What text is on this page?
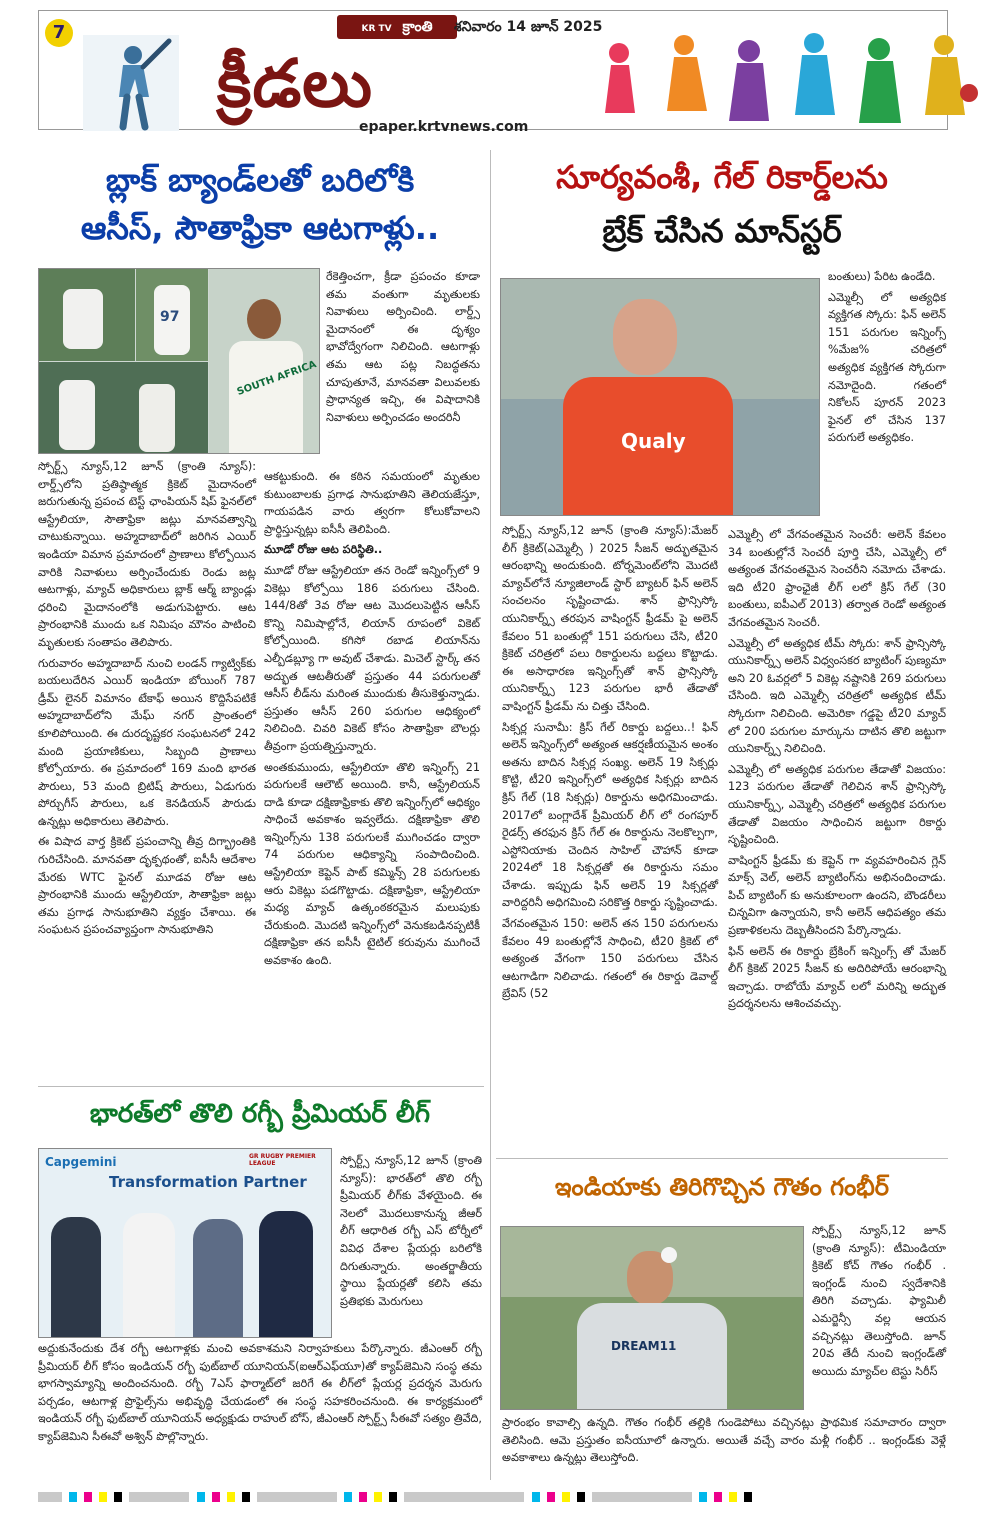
7	KR TV క్రాంతి	శనివారం 14 జూన్ 2025
క్రీడలు
epaper.krtvnews.com
బ్లాక్ బ్యాండ్‌లతో బరిలోకి
ఆసీస్, సౌతాఫ్రికా ఆటగాళ్లు..
97
SOUTH AFRICA
రేకెత్తించగా, క్రీడా ప్రపంచం కూడా తమ వంతుగా మృతులకు నివాళులు అర్పించింది. లార్డ్స్ మైదానంలో ఈ దృశ్యం భావోద్వేగంగా నిలిచింది. ఆటగాళ్లు తమ ఆట పట్ల నిబద్ధతను చూపుతూనే, మానవతా విలువలకు ప్రాధాన్యత ఇచ్చి, ఈ విషాదానికి నివాళులు అర్పించడం అందరినీ

స్పోర్ట్స్ న్యూస్,12 జూన్ (క్రాంతి న్యూస్): లార్డ్స్‌లోని ప్రతిష్ఠాత్మక క్రికెట్ మైదానంలో జరుగుతున్న ప్రపంచ టెస్ట్ ఛాంపియన్ షిప్ ఫైనల్‌లో ఆస్ట్రేలియా, సౌతాఫ్రికా జట్లు మానవత్వాన్ని చాటుకున్నాయి. అహ్మదాబాద్‌లో జరిగిన ఎయిర్ ఇండియా విమాన ప్రమాదంలో ప్రాణాలు కోల్పోయిన వారికి నివాళులు అర్పించేందుకు రెండు జట్ల ఆటగాళ్లు, మ్యాచ్ అధికారులు బ్లాక్ ఆర్మ్ బ్యాండ్లు ధరించి మైదానంలోకి అడుగుపెట్టారు. ఆట ప్రారంభానికి ముందు ఒక నిమిషం మౌనం పాటించి మృతులకు సంతాపం తెలిపారు.

గురువారం అహ్మదాబాద్ నుంచి లండన్ గ్యాట్విక్‌కు బయలుదేరిన ఎయిర్ ఇండియా బోయింగ్ 787 డ్రీమ్ లైనర్ విమానం టేకాఫ్ అయిన కొద్దిసేపటికే అహ్మదాబాద్‌లోని మేఘ్ నగర్ ప్రాంతంలో కూలిపోయింది. ఈ దురదృష్టకర సంఘటనలో 242 మంది ప్రయాణికులు, సిబ్బంది ప్రాణాలు కోల్పోయారు. ఈ ప్రమాదంలో 169 మంది భారత పౌరులు, 53 మంది బ్రిటిష్ పౌరులు, ఏడుగురు పోర్చుగీస్ పౌరులు, ఒక కెనడియన్ పౌరుడు ఉన్నట్లు అధికారులు తెలిపారు.

ఈ విషాద వార్త క్రికెట్ ప్రపంచాన్ని తీవ్ర దిగ్భ్రాంతికి గురిచేసింది. మానవతా దృక్పథంతో, ఐసీసీ ఆదేశాల మేరకు WTC ఫైనల్ మూడవ రోజు ఆట ప్రారంభానికి ముందు ఆస్ట్రేలియా, సౌతాఫ్రికా జట్లు తమ ప్రగాఢ సానుభూతిని వ్యక్తం చేశాయి. ఈ సంఘటన ప్రపంచవ్యాప్తంగా సానుభూతిని

ఆకట్టుకుంది. ఈ కఠిన సమయంలో మృతుల కుటుంబాలకు ప్రగాఢ సానుభూతిని తెలియజేస్తూ, గాయపడిన వారు త్వరగా కోలుకోవాలని ప్రార్థిస్తున్నట్లు ఐసీసీ తెలిపింది.

మూడో రోజు ఆట పరిస్థితి..

మూడో రోజు ఆస్ట్రేలియా తన రెండో ఇన్నింగ్స్‌లో 9 వికెట్లు కోల్పోయి 186 పరుగులు చేసింది. 144/8తో 3వ రోజు ఆట మొదలుపెట్టిన ఆసీస్ కొన్ని నిమిషాల్లోనే, లియాన్ రూపంలో వికెట్ కోల్పోయింది. కగిసో రబాడ లియాన్‌ను ఎల్బీడబ్ల్యూ గా అవుట్ చేశాడు. మిచెల్ స్టార్క్ తన అద్భుత ఆటతీరుతో ప్రస్తుతం 44 పరుగులతో ఆసీస్ లీడ్‌ను మరింత ముందుకు తీసుకెళ్తున్నాడు. ప్రస్తుతం ఆసీస్ 260 పరుగుల ఆధిక్యంలో నిలిచింది. చివరి వికెట్ కోసం సౌతాఫ్రికా బౌలర్లు తీవ్రంగా ప్రయత్నిస్తున్నారు.

అంతకుముందు, ఆస్ట్రేలియా తొలి ఇన్నింగ్స్ 21 పరుగులకే ఆలౌట్ అయింది. కానీ, ఆస్ట్రేలియన్ దాడి కూడా దక్షిణాఫ్రికాకు తొలి ఇన్నింగ్స్‌లో ఆధిక్యం సాధించే అవకాశం ఇవ్వలేదు. దక్షిణాఫ్రికా తొలి ఇన్నింగ్స్‌ను 138 పరుగులకే ముగించడం ద్వారా 74 పరుగుల ఆధిక్యాన్ని సంపాదించింది. ఆస్ట్రేలియా కెప్టెన్ పాట్ కమ్మిన్స్ 28 పరుగులకు ఆరు వికెట్లు పడగొట్టాడు. దక్షిణాఫ్రికా, ఆస్ట్రేలియా మధ్య మ్యాచ్ ఉత్కంఠకరమైన మలుపుకు చేరుకుంది. మొదటి ఇన్నింగ్స్‌లో వెనుకబడినప్పటికీ దక్షిణాఫ్రికా తన ఐసీసీ టైటిల్ కరువును ముగించే అవకాశం ఉంది.

సూర్యవంశీ, గేల్ రికార్డ్‌లను
బ్రేక్ చేసిన మాన్‌స్టర్
Qualy

బంతులు) పేరిట ఉండేది.

ఎమ్మెల్సీ లో అత్యధిక వ్యక్తిగత స్కోరు: ఫిన్ అలెన్ 151 పరుగుల ఇన్నింగ్స్ %మేజ% చరిత్రలో అత్యధిక వ్యక్తిగత స్కోరుగా నమోదైంది. గతంలో నికోలస్ పూరన్ 2023 ఫైనల్ లో చేసిన 137 పరుగులే అత్యధికం.

స్పోర్ట్స్ న్యూస్,12 జూన్ (క్రాంతి న్యూస్):మేజర్ లీగ్ క్రికెట్(ఎమ్మెల్సీ ) 2025 సీజన్ అద్భుతమైన ఆరంభాన్ని అందుకుంది. టోర్నమెంట్‌లోని మొదటి మ్యాచ్‌లోనే న్యూజిలాండ్ స్టార్ బ్యాటర్ ఫిన్ అలెన్ సంచలనం సృష్టించాడు. శాన్ ఫ్రాన్సిస్కో యునికార్న్స్ తరపున వాషింగ్టన్ ఫ్రీడమ్ పై అలెన్ కేవలం 51 బంతుల్లో 151 పరుగులు చేసి, టీ20 క్రికెట్ చరిత్రలో పలు రికార్డులను బద్దలు కొట్టాడు. ఈ అసాధారణ ఇన్నింగ్స్‌తో శాన్ ఫ్రాన్సిస్కో యునికార్న్స్ 123 పరుగుల భారీ తేడాతో వాషింగ్టన్ ఫ్రీడమ్ ను చిత్తు చేసింది.

సిక్సర్ల సునామీ: క్రిస్ గేల్ రికార్డు బద్దలు..! ఫిన్ అలెన్ ఇన్నింగ్స్‌లో అత్యంత ఆకర్షణీయమైన అంశం అతను బాదిన సిక్సర్ల సంఖ్య. అలెన్ 19 సిక్సర్లు కొట్టి, టీ20 ఇన్నింగ్స్‌లో అత్యధిక సిక్సర్లు బాదిన క్రిస్ గేల్ (18 సిక్సర్లు) రికార్డును అధిగమించాడు. 2017లో బంగ్లాదేశ్ ప్రీమియర్ లీగ్ లో రంగపూర్ రైడర్స్ తరఫున క్రిస్ గేల్ ఈ రికార్డును నెలకొల్పగా, ఎస్టోనియాకు చెందిన సాహిల్ చౌహాన్ కూడా 2024లో 18 సిక్సర్లతో ఈ రికార్డును సమం చేశాడు. ఇప్పుడు ఫిన్ అలెన్ 19 సిక్సర్లతో వారిద్దరినీ అధిగమించి సరికొత్త రికార్డు సృష్టించాడు.

వేగవంతమైన 150: అలెన్ తన 150 పరుగులను కేవలం 49 బంతుల్లోనే సాధించి, టీ20 క్రికెట్ లో అత్యంత వేగంగా 150 పరుగులు చేసిన ఆటగాడిగా నిలిచాడు. గతంలో ఈ రికార్డు డెవాల్డ్ బ్రేవిస్ (52

ఎమ్మెల్సీ లో వేగవంతమైన సెంచరీ: అలెన్ కేవలం 34 బంతుల్లోనే సెంచరీ పూర్తి చేసి, ఎమ్మెల్సీ లో అత్యంత వేగవంతమైన సెంచరీని నమోదు చేశాడు. ఇది టీ20 ఫ్రాంఛైజీ లీగ్ లలో క్రిస్ గేల్ (30 బంతులు, ఐపీఎల్ 2013) తర్వాత రెండో అత్యంత వేగవంతమైన సెంచరీ.

ఎమ్మెల్సీ లో అత్యధిక టీమ్ స్కోరు: శాన్ ఫ్రాన్సిస్కో యునికార్న్స్ అలెన్ విధ్వంసకర బ్యాటింగ్ పుణ్యమా అని 20 ఓవర్లలో 5 వికెట్ల నష్టానికి 269 పరుగులు చేసింది. ఇది ఎమ్మెల్సీ చరిత్రలో అత్యధిక టీమ్ స్కోరుగా నిలిచింది. అమెరికా గడ్డపై టీ20 మ్యాచ్ లో 200 పరుగుల మార్కును దాటిన తొలి జట్టుగా యునికార్న్స్ నిలిచింది.

ఎమ్మెల్సీ లో అత్యధిక పరుగుల తేడాతో విజయం: 123 పరుగుల తేడాతో గెలిచిన శాన్ ఫ్రాన్సిస్కో యునికార్న్స్, ఎమ్మెల్సీ చరిత్రలో అత్యధిక పరుగుల తేడాతో విజయం సాధించిన జట్టుగా రికార్డు సృష్టించింది.

వాషింగ్టన్ ఫ్రీడమ్ కు కెప్టెన్ గా వ్యవహరించిన గ్లెన్ మాక్స్ వెల్, అలెన్ బ్యాటింగ్‌ను అభినందించాడు. పిచ్ బ్యాటింగ్ కు అనుకూలంగా ఉందని, బౌండరీలు చిన్నవిగా ఉన్నాయని, కానీ అలెన్ ఆధిపత్యం తమ ప్రణాళికలను దెబ్బతీసిందని పేర్కొన్నాడు.

ఫిన్ అలెన్ ఈ రికార్డు బ్రేకింగ్ ఇన్నింగ్స్ తో మేజర్ లీగ్ క్రికెట్ 2025 సీజన్ కు అదిరిపోయే ఆరంభాన్ని ఇచ్చాడు. రాబోయే మ్యాచ్ లలో మరిన్ని అద్భుత ప్రదర్శనలను ఆశించవచ్చు.

భారత్‌లో తొలి రగ్బీ ప్రీమియర్ లీగ్
Capgemini
Transformation Partner
GR RUGBY PREMIER LEAGUE	స్పోర్ట్స్ న్యూస్,12 జూన్ (క్రాంతి న్యూస్): భారత్‌లో తొలి రగ్బీ ప్రీమియర్ లీగ్‌కు వేళయైంది. ఈ నెలలో మొదలుకానున్న జీఆర్ లీగ్ ఆధారిత రగ్బీ ఎస్ టోర్నీలో వివిధ దేశాల ప్లేయర్లు బరిలోకి దిగుతున్నారు. అంతర్జాతీయ స్థాయి ప్లేయర్లతో కలిసి తమ ప్రతిభకు మెరుగులు
అద్దుకునేందుకు దేశ రగ్బీ ఆటగాళ్లకు మంచి అవకాశమని నిర్వాహకులు పేర్కొన్నారు. జీఎంఆర్ రగ్బీ ప్రీమియర్ లీగ్ కోసం ఇండియన్ రగ్బీ ఫుట్‌బాల్ యూనియన్(ఐఆర్‌ఎఫ్‌యూ)తో క్యాప్‌జెమిని సంస్థ తమ భాగస్వామ్యాన్ని అందించనుంది. రగ్బీ 7ఎస్ ఫార్మాట్‌లో జరిగే ఈ లీగ్‌లో ప్లేయర్ల ప్రదర్శన మెరుగు పర్చడం, ఆటగాళ్ల ప్రొఫైల్స్‌ను అభివృద్ధి చేయడంలో ఈ సంస్థ సహకరించనుంది. ఈ కార్యక్రమంలో ఇండియన్ రగ్బీ ఫుట్‌బాల్ యూనియన్ అధ్యక్షుడు రాహుల్ బోస్, జీఎంఆర్ స్పోర్ట్స్ సీఈవో సత్యం త్రివేది, క్యాప్‌జెమిని సీఈవో అశ్విన్ పొల్లొన్నారు.
ఇండియాకు తిరిగొచ్చిన గౌతం గంభీర్
DREAM11
స్పోర్ట్స్ న్యూస్,12 జూన్ (క్రాంతి న్యూస్): టీమిండియా క్రికెట్ కోచ్ గౌతం గంభీర్ . ఇంగ్లండ్ నుంచి స్వదేశానికి తిరిగి వచ్చాడు. ఫ్యామిలీ ఎమర్జెన్సీ వల్ల ఆయన వచ్చినట్లు తెలుస్తోంది. జూన్ 20వ తేదీ నుంచి ఇంగ్లండ్‌తో అయిదు మ్యాచ్‌ల టెస్టు సిరీస్
ప్రారంభం కావాల్సి ఉన్నది. గౌతం గంభీర్ తల్లికి గుండెపోటు వచ్చినట్లు ప్రాథమిక సమాచారం ద్వారా తెలిసింది. ఆమె ప్రస్తుతం ఐసీయూలో ఉన్నారు. అయితే వచ్చే వారం మళ్లీ గంభీర్ .. ఇంగ్లండ్‌కు వెళ్లే అవకాశాలు ఉన్నట్లు తెలుస్తోంది.
